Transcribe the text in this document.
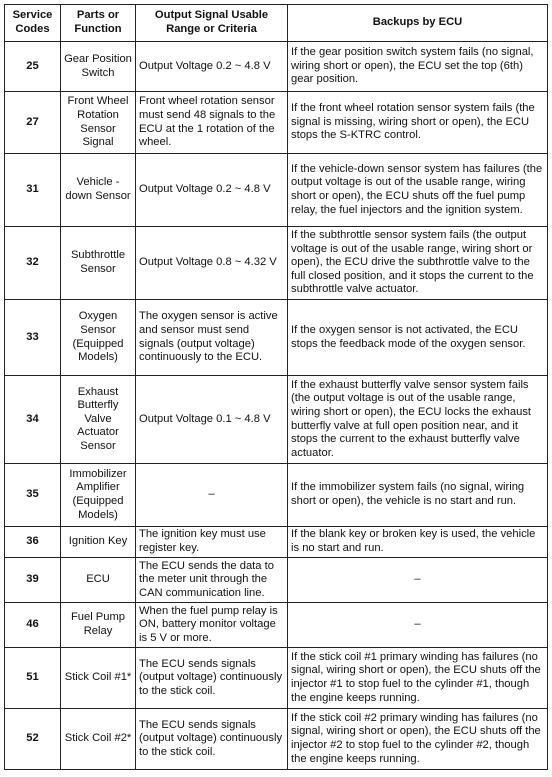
Service Codes	Parts or Function	Output Signal Usable Range or Criteria	Backups by ECU
25	Gear Position Switch	Output Voltage 0.2 ~ 4.8 V	If the gear position switch system fails (no signal, wiring short or open), the ECU set the top (6th) gear position.
27	Front Wheel Rotation Sensor Signal	Front wheel rotation sensor must send 48 signals to the ECU at the 1 rotation of the wheel.	If the front wheel rotation sensor system fails (the signal is missing, wiring short or open), the ECU stops the S-KTRC control.
31	Vehicle -down Sensor	Output Voltage 0.2 ~ 4.8 V	If the vehicle-down sensor system has failures (the output voltage is out of the usable range, wiring short or open), the ECU shuts off the fuel pump relay, the fuel injectors and the ignition system.
32	Subthrottle Sensor	Output Voltage 0.8 ~ 4.32 V	If the subthrottle sensor system fails (the output voltage is out of the usable range, wiring short or open), the ECU drive the subthrottle valve to the full closed position, and it stops the current to the subthrottle valve actuator.
33	Oxygen Sensor (Equipped Models)	The oxygen sensor is active and sensor must send signals (output voltage) continuously to the ECU.	If the oxygen sensor is not activated, the ECU stops the feedback mode of the oxygen sensor.
34	Exhaust Butterfly Valve Actuator Sensor	Output Voltage 0.1 ~ 4.8 V	If the exhaust butterfly valve sensor system fails (the output voltage is out of the usable range, wiring short or open), the ECU locks the exhaust butterfly valve at full open position near, and it stops the current to the exhaust butterfly valve actuator.
35	Immobilizer Amplifier (Equipped Models)	–	If the immobilizer system fails (no signal, wiring short or open), the vehicle is no start and run.
36	Ignition Key	The ignition key must use register key.	If the blank key or broken key is used, the vehicle is no start and run.
39	ECU	The ECU sends the data to the meter unit through the CAN communication line.	–
46	Fuel Pump Relay	When the fuel pump relay is ON, battery monitor voltage is 5 V or more.	–
51	Stick Coil #1*	The ECU sends signals (output voltage) continuously to the stick coil.	If the stick coil #1 primary winding has failures (no signal, wiring short or open), the ECU shuts off the injector #1 to stop fuel to the cylinder #1, though the engine keeps running.
52	Stick Coil #2*	The ECU sends signals (output voltage) continuously to the stick coil.	If the stick coil #2 primary winding has failures (no signal, wiring short or open), the ECU shuts off the injector #2 to stop fuel to the cylinder #2, though the engine keeps running.
